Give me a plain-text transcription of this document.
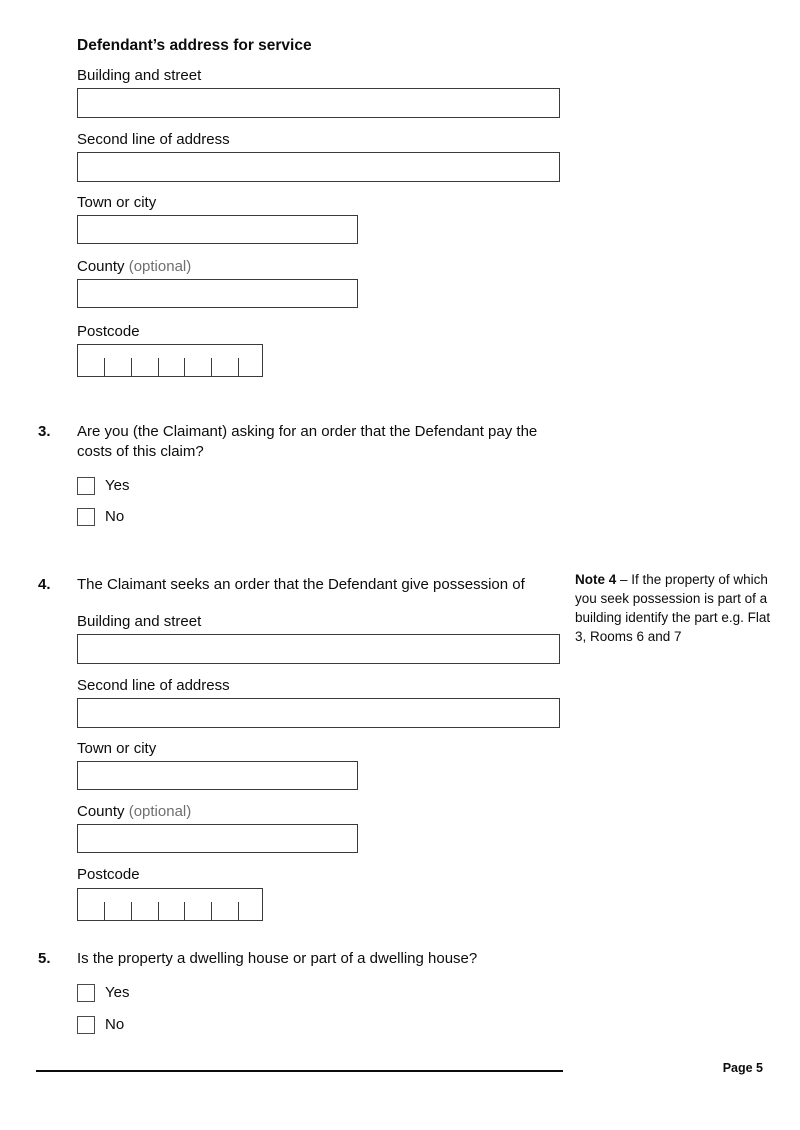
Defendant’s address for service
Building and street
Second line of address
Town or city
County (optional)
Postcode
3. Are you (the Claimant) asking for an order that the Defendant pay the costs of this claim?
Yes
No
4. The Claimant seeks an order that the Defendant give possession of
Building and street
Second line of address
Town or city
County (optional)
Postcode
5. Is the property a dwelling house or part of a dwelling house?
Yes
No
Note 4 – If the property of which you seek possession is part of a building identify the part e.g. Flat 3, Rooms 6 and 7
Page 5
